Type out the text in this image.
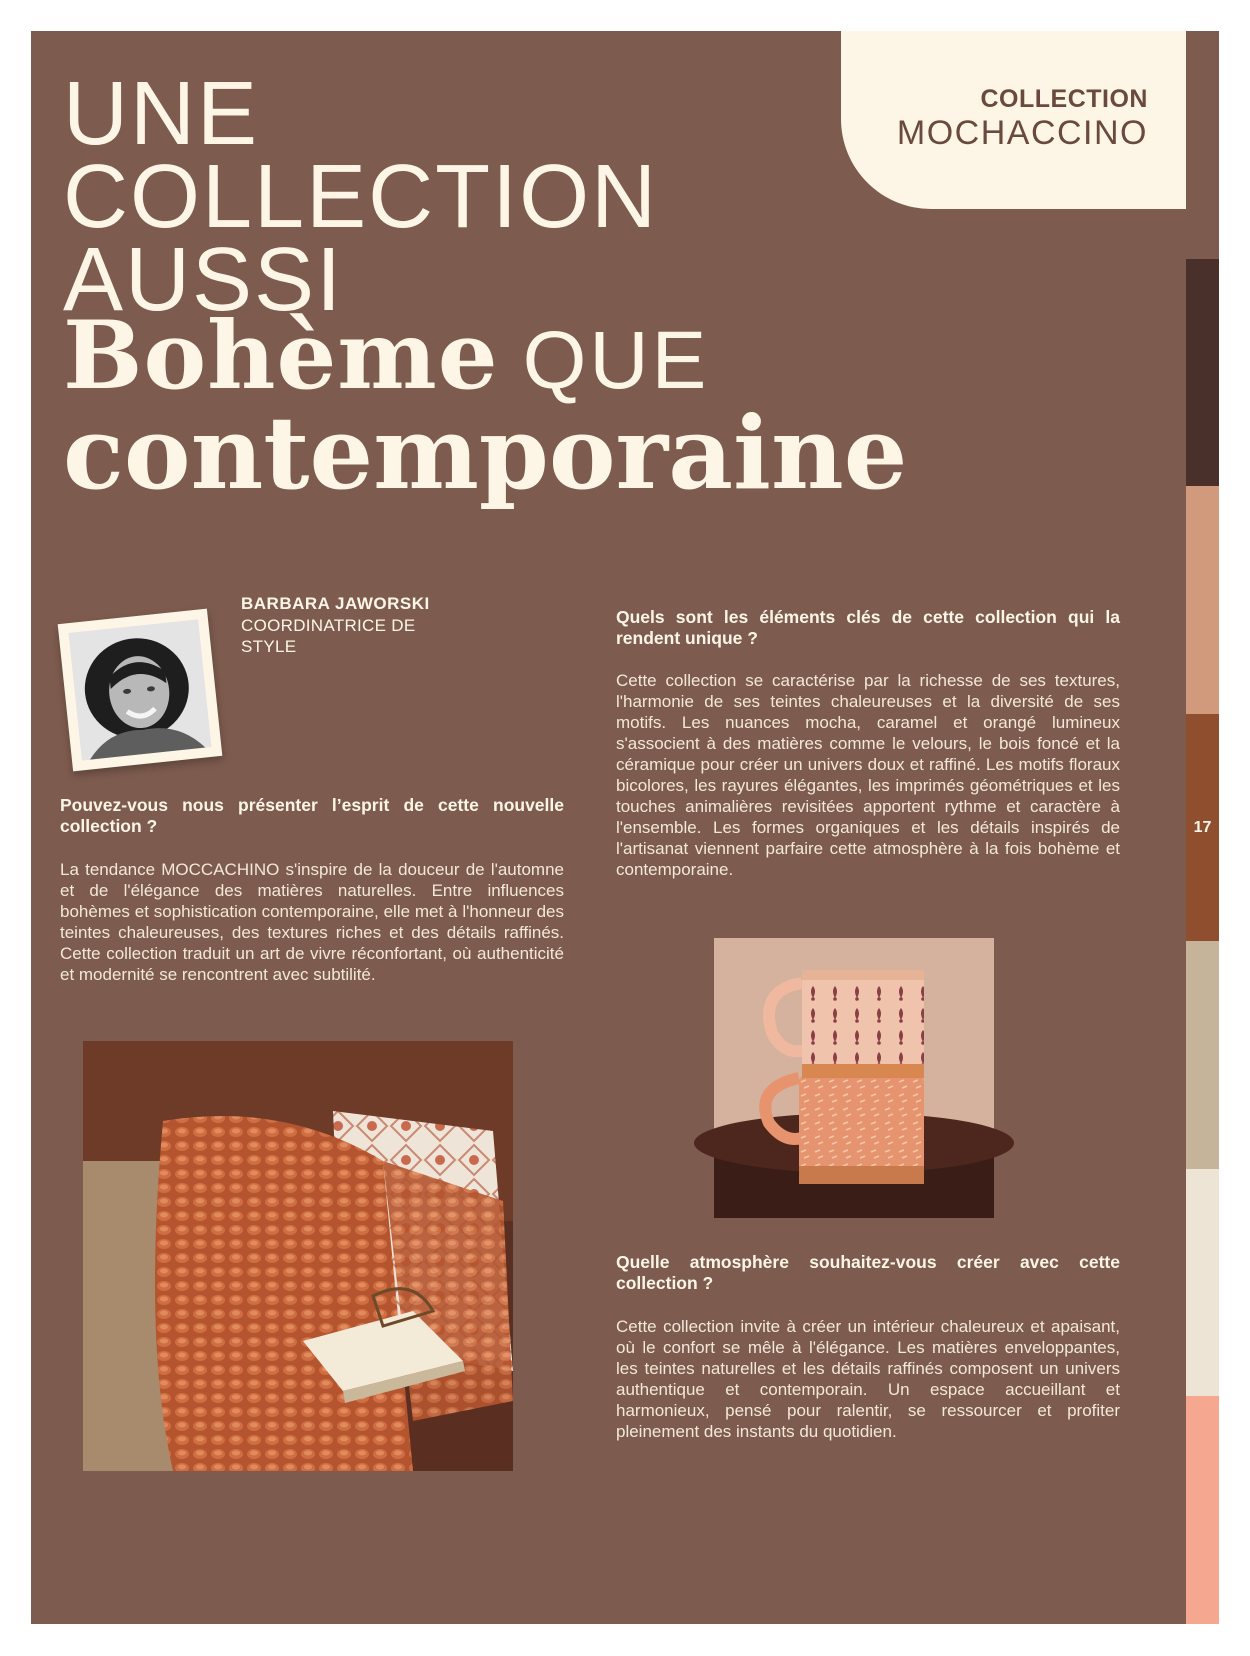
COLLECTION
MOCHACCINO
UNE
COLLECTION
AUSSI
Bohème QUE
contemporaine
BARBARA JAWORSKI
COORDINATRICE DE STYLE
Pouvez-vous nous présenter l’esprit de cette nouvelle collection ?
La tendance MOCCACHINO s'inspire de la douceur de l'automne et de l'élégance des matières naturelles. Entre influences bohèmes et sophistication contemporaine, elle met à l'honneur des teintes chaleureuses, des textures riches et des détails raffinés. Cette collection traduit un art de vivre réconfortant, où authenticité et modernité se rencontrent avec subtilité.
Quels sont les éléments clés de cette collection qui la rendent unique ?
Cette collection se caractérise par la richesse de ses textures, l'harmonie de ses teintes chaleureuses et la diversité de ses motifs. Les nuances mocha, caramel et orangé lumineux s'associent à des matières comme le velours, le bois foncé et la céramique pour créer un univers doux et raffiné. Les motifs floraux bicolores, les rayures élégantes, les imprimés géométriques et les touches animalières revisitées apportent rythme et caractère à l'ensemble. Les formes organiques et les détails inspirés de l'artisanat viennent parfaire cette atmosphère à la fois bohème et contemporaine.
Quelle atmosphère souhaitez-vous créer avec cette collection ?
Cette collection invite à créer un intérieur chaleureux et apaisant, où le confort se mêle à l'élégance. Les matières enveloppantes, les teintes naturelles et les détails raffinés composent un univers authentique et contemporain. Un espace accueillant et harmonieux, pensé pour ralentir, se ressourcer et profiter pleinement des instants du quotidien.
17
